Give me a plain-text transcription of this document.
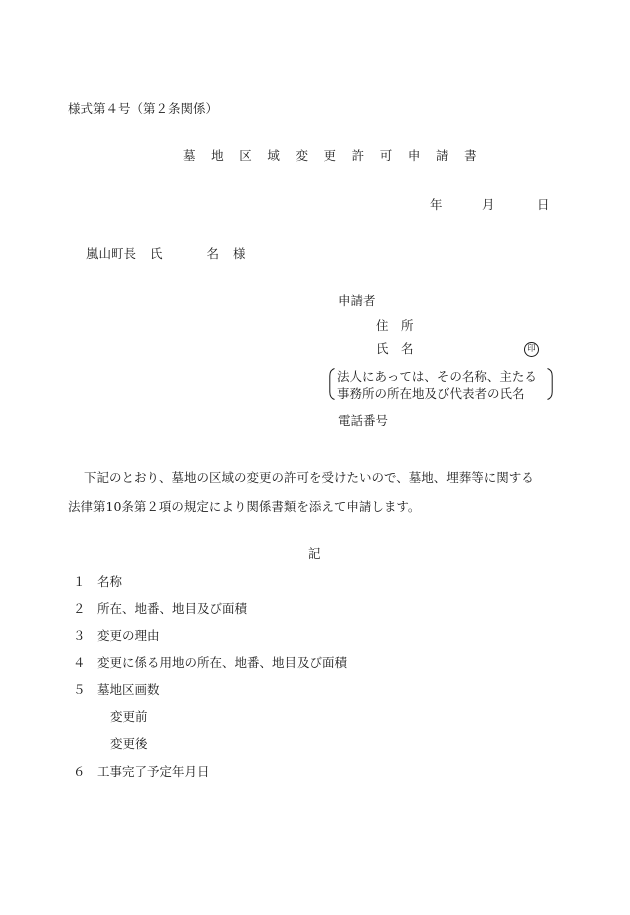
様式第４号（第２条関係）
墓 地 区 域 変 更 許 可 申 請 書
年	月	日
嵐山町長 氏	名 様
申請者
住　所
氏　名	印
法人にあっては、その名称、主たる
事務所の所在地及び代表者の氏名
電話番号
下記のとおり、墓地の区域の変更の許可を受けたいので、墓地、埋葬等に関する
法律第10条第２項の規定により関係書類を添えて申請します。
記
１ 名称
２ 所在、地番、地目及び面積
３ 変更の理由
４ 変更に係る用地の所在、地番、地目及び面積
５ 墓地区画数
変更前
変更後
６ 工事完了予定年月日
